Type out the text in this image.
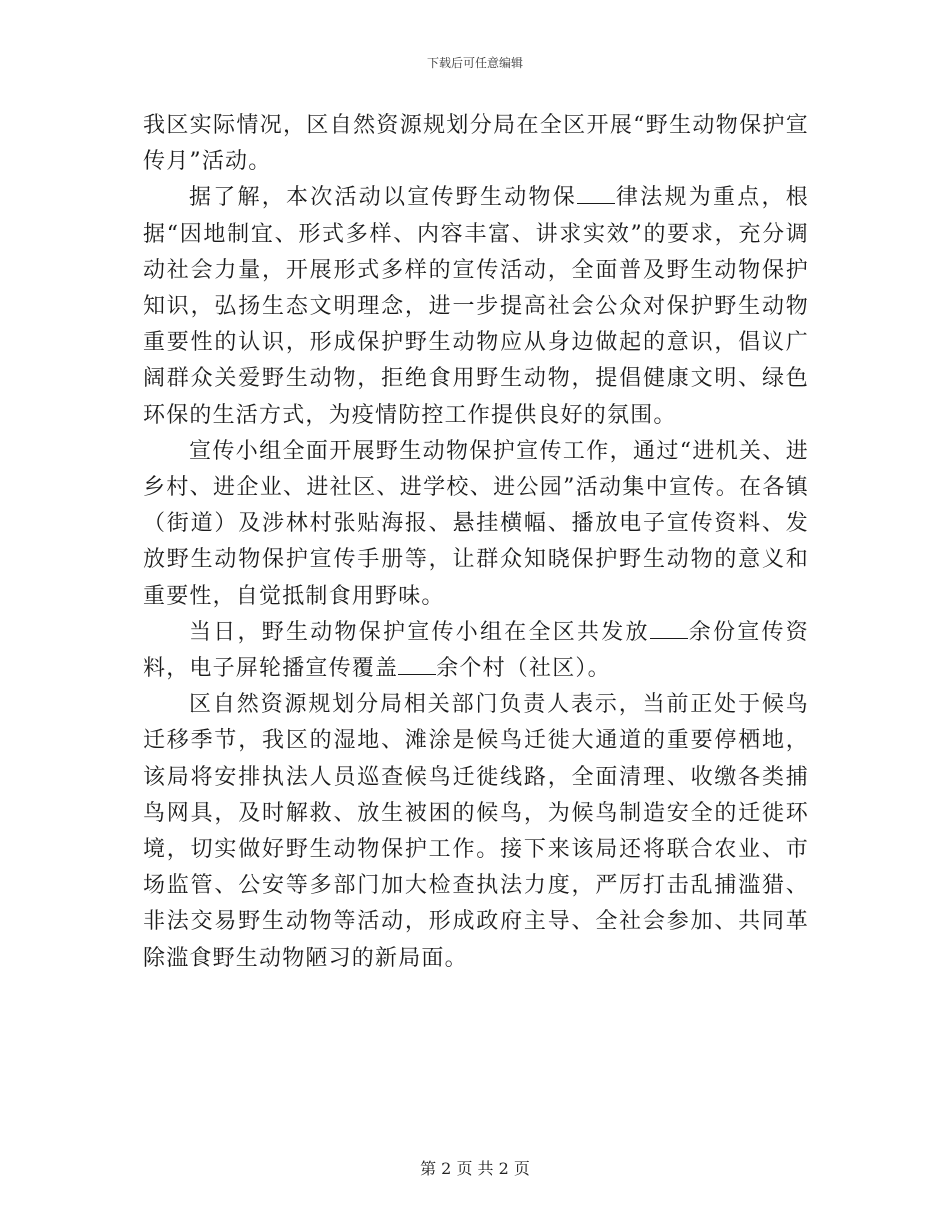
下载后可任意编辑

我区实际情况，区自然资源规划分局在全区开展“野生动物保护宣传月”活动。

据了解，本次活动以宣传野生动物保 律法规为重点，根据“因地制宜、形式多样、内容丰富、讲求实效”的要求，充分调动社会力量，开展形式多样的宣传活动，全面普及野生动物保护知识，弘扬生态文明理念，进一步提高社会公众对保护野生动物重要性的认识，形成保护野生动物应从身边做起的意识，倡议广阔群众关爱野生动物，拒绝食用野生动物，提倡健康文明、绿色环保的生活方式，为疫情防控工作提供良好的氛围。

宣传小组全面开展野生动物保护宣传工作，通过“进机关、进乡村、进企业、进社区、进学校、进公园”活动集中宣传。在各镇（街道）及涉林村张贴海报、悬挂横幅、播放电子宣传资料、发放野生动物保护宣传手册等，让群众知晓保护野生动物的意义和重要性，自觉抵制食用野味。

当日，野生动物保护宣传小组在全区共发放 余份宣传资料，电子屏轮播宣传覆盖 余个村（社区）。

区自然资源规划分局相关部门负责人表示，当前正处于候鸟迁移季节，我区的湿地、滩涂是候鸟迁徙大通道的重要停栖地，该局将安排执法人员巡查候鸟迁徙线路，全面清理、收缴各类捕鸟网具，及时解救、放生被困的候鸟，为候鸟制造安全的迁徙环境，切实做好野生动物保护工作。接下来该局还将联合农业、市场监管、公安等多部门加大检查执法力度，严厉打击乱捕滥猎、非法交易野生动物等活动，形成政府主导、全社会参加、共同革除滥食野生动物陋习的新局面。

第 2 页 共 2 页
